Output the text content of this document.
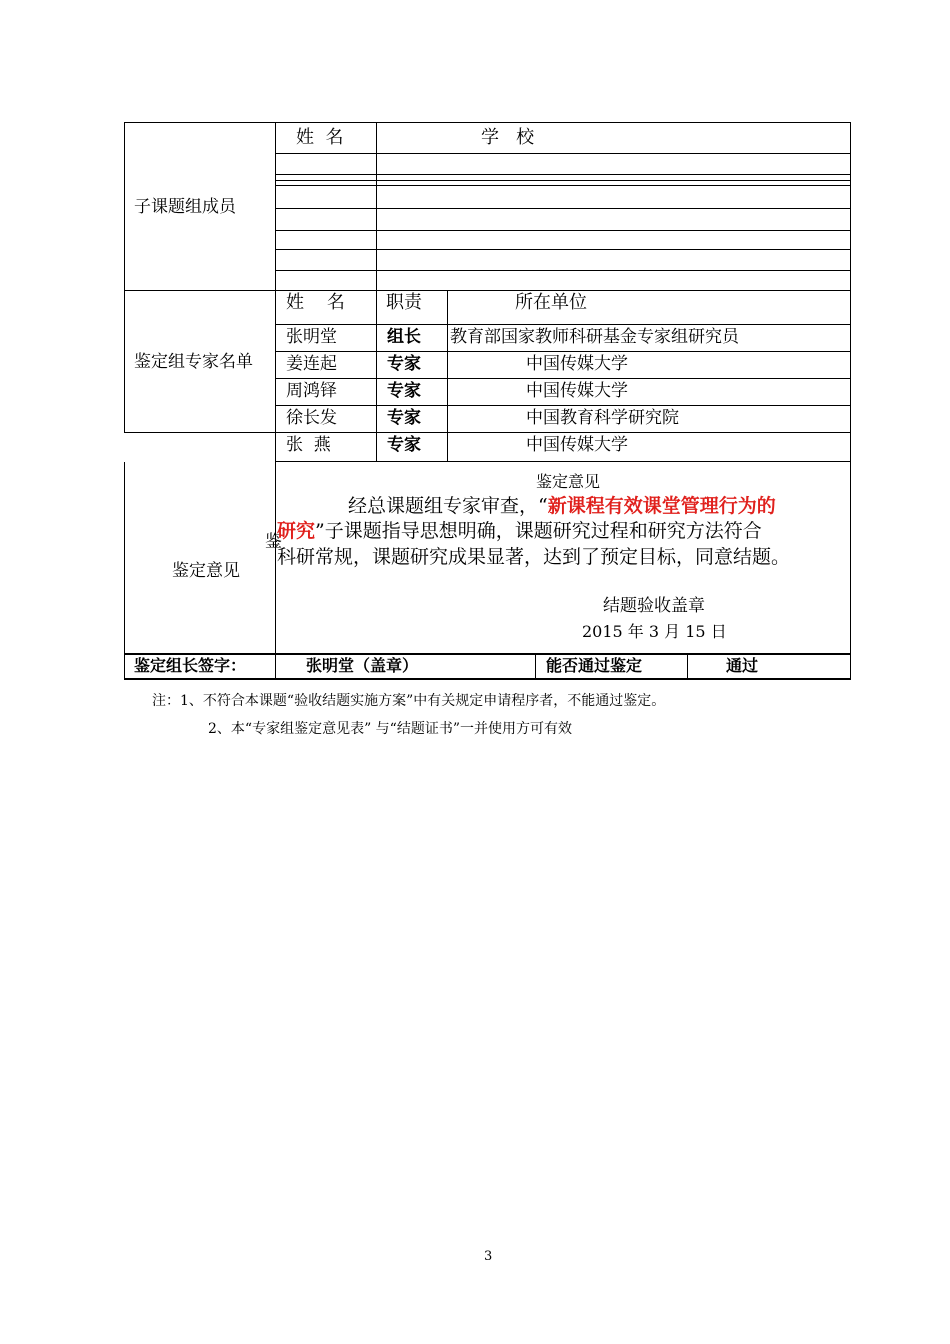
子课题组成员
姓  名	学   校
鉴定组专家名单
姓    名 职责	所在单位
张明堂	组长 教育部国家教师科研基金专家组研究员
姜连起	专家	中国传媒大学
周鸿铎	专家	中国传媒大学
徐长发	专家	中国教育科学研究院
张  燕	专家	中国传媒大学
鉴定意见
鉴
鉴定意见
经总课题组专家审查，“新课程有效课堂管理行为的
研究”子课题指导思想明确，课题研究过程和研究方法符合
科研常规，课题研究成果显著，达到了预定目标，同意结题。
结题验收盖章
2015 年 3 月 15 日
鉴定组长签字：	张明堂（盖章）	能否通过鉴定	通过
注：1、不符合本课题“验收结题实施方案”中有关规定申请程序者，不能通过鉴定。
2、本“专家组鉴定意见表” 与“结题证书”一并使用方可有效
3
